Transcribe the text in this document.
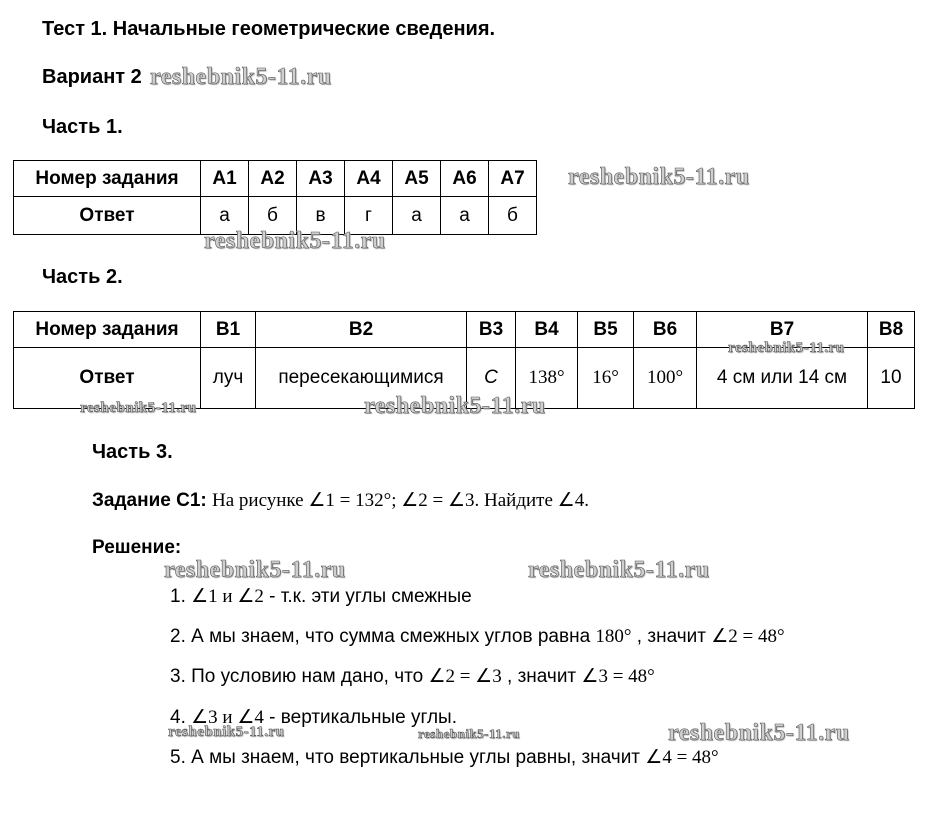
Тест 1. Начальные геометрические сведения.
Вариант 2
Часть 1.
Номер задания	А1	А2	А3	А4	А5	А6	А7
Ответ	а	б	в	г	а	а	б
Часть 2.
Номер задания	В1	В2	В3	В4	В5	В6	В7	В8
Ответ	луч	пересекающимися	C	138°	16°	100°	4 см или 14 см	10
Часть 3.
Задание С1: На рисунке ∠1 = 132°; ∠2 = ∠3. Найдите ∠4.
Решение:
1. ∠1 и ∠2 - т.к. эти углы смежные
2. А мы знаем, что сумма смежных углов равна 180° , значит ∠2 = 48°
3. По условию нам дано, что ∠2 = ∠3 , значит ∠3 = 48°
4. ∠3 и ∠4 - вертикальные углы.
5. А мы знаем, что вертикальные углы равны, значит ∠4 = 48°
reshebnik5-11.ru
reshebnik5-11.ru
reshebnik5-11.ru
reshebnik5-11.ru
reshebnik5-11.ru	reshebnik5-11.ru
reshebnik5-11.ru	reshebnik5-11.ru
reshebnik5-11.ru
reshebnik5-11.ru	reshebnik5-11.ru
